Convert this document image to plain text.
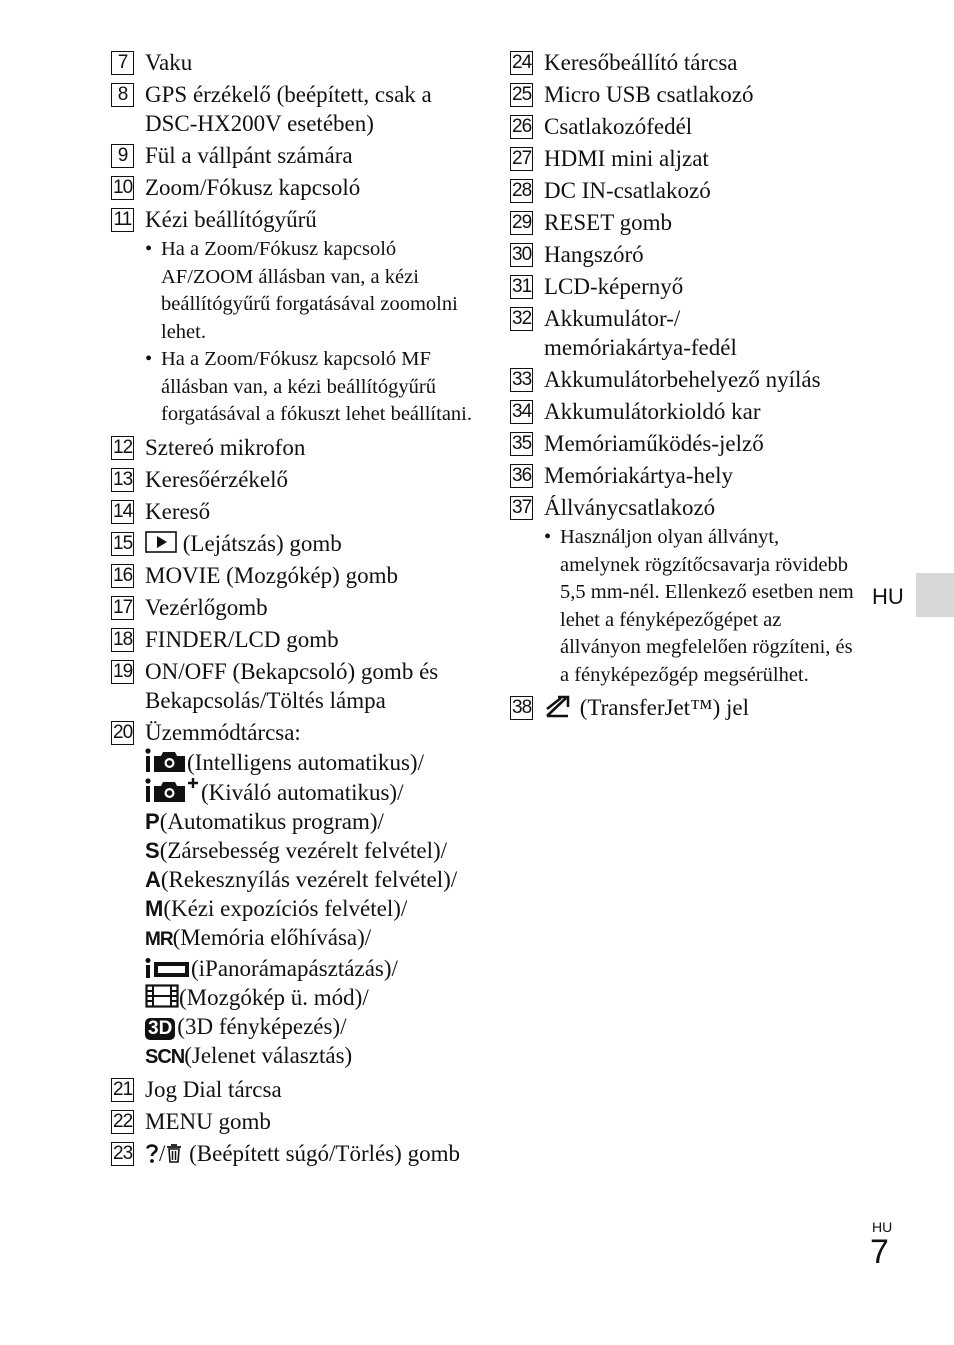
7 Vaku
8 GPS érzékelő (beépített, csak a DSC-HX200V esetében)
9 Fül a vállpánt számára
10 Zoom/Fókusz kapcsoló
11 Kézi beállítógyűrű
• Ha a Zoom/Fókusz kapcsoló AF/ZOOM állásban van, a kézi beállítógyűrű forgatásával zoomolni lehet.
• Ha a Zoom/Fókusz kapcsoló MF állásban van, a kézi beállítógyűrű forgatásával a fókuszt lehet beállítani.
12 Sztereó mikrofon
13 Keresőérzékelő
14 Kereső
15 (Lejátszás) gomb
16 MOVIE (Mozgókép) gomb
17 Vezérlőgomb
18 FINDER/LCD gomb
19 ON/OFF (Bekapcsoló) gomb és Bekapcsolás/Töltés lámpa
20 Üzemmódtárcsa:
(Intelligens automatikus)/
(Kiváló automatikus)/
P(Automatikus program)/
S(Zársebesség vezérelt felvétel)/
A(Rekesznyílás vezérelt felvétel)/
M(Kézi expozíciós felvétel)/
MR(Memória előhívása)/
(iPanorámapásztázás)/
(Mozgókép ü. mód)/
3D (3D fényképezés)/
SCN(Jelenet választás)
21 Jog Dial tárcsa
22 MENU gomb
23 / (Beépített súgó/Törlés) gomb
24 Keresőbeállító tárcsa
25 Micro USB csatlakozó
26 Csatlakozófedél
27 HDMI mini aljzat
28 DC IN-csatlakozó
29 RESET gomb
30 Hangszóró
31 LCD-képernyő
32 Akkumulátor-/ memóriakártya-fedél
33 Akkumulátorbehelyező nyílás
34 Akkumulátorkioldó kar
35 Memóriaműködés-jelző
36 Memóriakártya-hely
37 Állványcsatlakozó
• Használjon olyan állványt, amelynek rögzítőcsavarja rövidebb 5,5 mm-nél. Ellenkező esetben nem lehet a fényképezőgépet az állványon megfelelően rögzíteni, és a fényképezőgép megsérülhet.
38 (TransferJet™) jel
HU
HU
7
